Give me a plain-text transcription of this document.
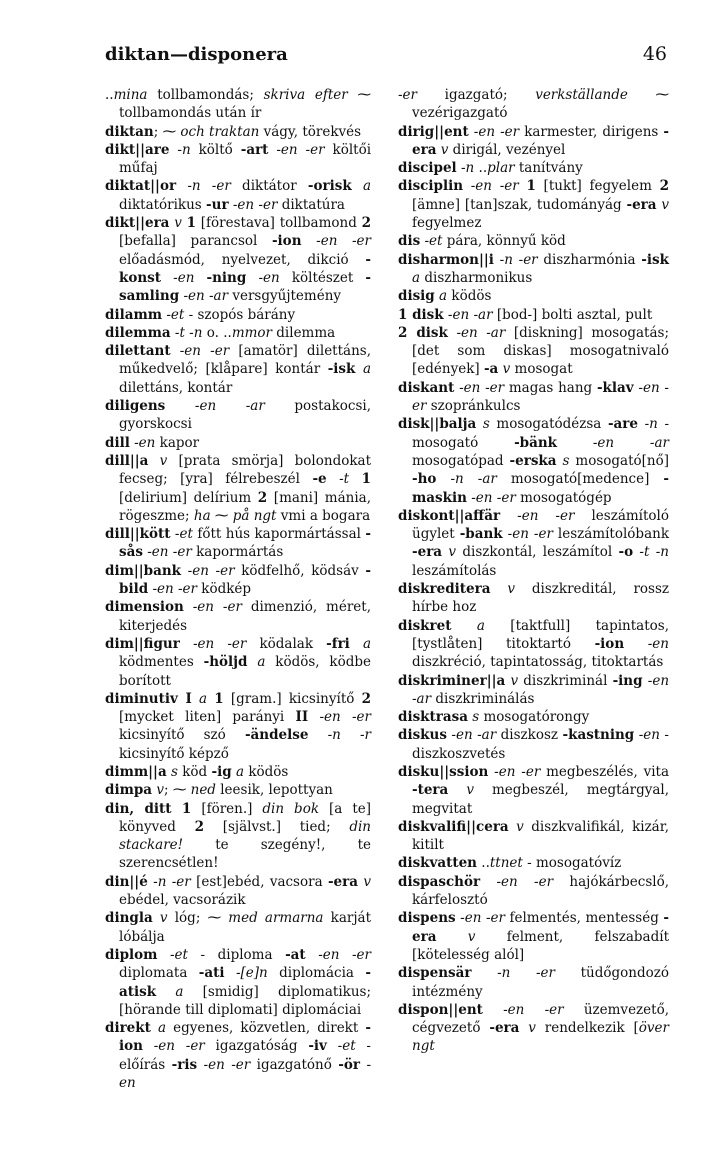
diktan—disponera	46

..mina tollbamondás; skriva efter ⁓ tollbamondás után ír

diktan; ⁓ och traktan vágy, törekvés

dikt||are -n költő -art -en -er költői műfaj

diktat||or -n -er diktátor -orisk a diktatórikus -ur -en -er diktatúra

dikt||era v 1 [förestava] tollbamond 2 [befalla] parancsol -ion -en -er előadásmód, nyelvezet, dikció -konst -en -ning -en költészet -samling -en -ar versgyűjtemény

dilamm -et - szopós bárány

dilemma -t -n o. ..mmor dilemma

dilettant -en -er [amatör] dilettáns, műkedvelő; [klåpare] kontár -isk a dilettáns, kontár

diligens -en -ar postakocsi, gyorskocsi

dill -en kapor

dill||a v [prata smörja] bolondokat fecseg; [yra] félrebeszél -e -t 1 [delirium] delírium 2 [mani] mánia, rögeszme; ha ⁓ på ngt vmi a bogara

dill||kött -et főtt hús kapormártással -sås -en -er kapormártás

dim||bank -en -er ködfelhő, ködsáv -bild -en -er ködkép

dimension -en -er dimenzió, méret, kiterjedés

dim||figur -en -er ködalak -fri a ködmentes -höljd a ködös, ködbe borított

diminutiv I a 1 [gram.] kicsinyítő 2 [mycket liten] parányi II -en -er kicsinyítő szó -ändelse -n -r kicsinyítő képző

dimm||a s köd -ig a ködös

dimpa v; ⁓ ned leesik, lepottyan

din, ditt 1 [fören.] din bok [a te] könyved 2 [självst.] tied; din stackare! te szegény!, te szerencsétlen!

din||é -n -er [est]ebéd, vacsora -era v ebédel, vacsorázik

dingla v lóg; ⁓ med armarna karját lóbálja

diplom -et - diploma -at -en -er diplomata -ati -[e]n diplomácia -atisk a [smidig] diplomatikus; [hörande till diplomati] diplomáciai

direkt a egyenes, közvetlen, direkt -ion -en -er igazgatóság -iv -et - előírás -ris -en -er igazgatónő -ör -en

-er igazgató; verkställande ⁓ vezérigazgató

dirig||ent -en -er karmester, dirigens -era v dirigál, vezényel

discipel -n ..plar tanítvány

disciplin -en -er 1 [tukt] fegyelem 2 [ämne] [tan]szak, tudományág -era v fegyelmez

dis -et pára, könnyű köd

disharmon||i -n -er diszharmónia -isk a diszharmonikus

disig a ködös

1 disk -en -ar [bod-] bolti asztal, pult

2 disk -en -ar [diskning] mosogatás; [det som diskas] mosogatnivaló [edények] -a v mosogat

diskant -en -er magas hang -klav -en -er szopránkulcs

disk||balja s mosogatódézsa -are -n - mosogató -bänk	-en -ar mosogatópad -erska s mosogató[nő] -ho -n -ar mosogató[medence] -maskin -en -er mosogatógép

diskont||affär -en -er leszámítoló ügylet -bank -en -er leszámítolóbank -era v diszkontál, leszámítol -o -t -n leszámítolás

diskreditera v diszkreditál, rossz hírbe hoz

diskret a [taktfull] tapintatos, [tystlåten] titoktartó -ion -en diszkréció, tapintatosság, titoktartás

diskriminer||a v diszkriminál -ing -en -ar diszkriminálás

disktrasa s mosogatórongy

diskus -en -ar diszkosz -kastning -en - diszkoszvetés

disku||ssion -en -er megbeszélés, vita -tera v megbeszél, megtárgyal, megvitat

diskvalifi||cera v diszkvalifikál, kizár, kitilt

diskvatten ..ttnet - mosogatóvíz

dispaschör -en -er hajókárbecslő, kárfelosztó

dispens -en -er felmentés, mentesség -era v felment, felszabadít [kötelesség alól]

dispensär -n -er tüdőgondozó intézmény

dispon||ent -en -er üzemvezető, cégvezető -era v rendelkezik [över ngt
